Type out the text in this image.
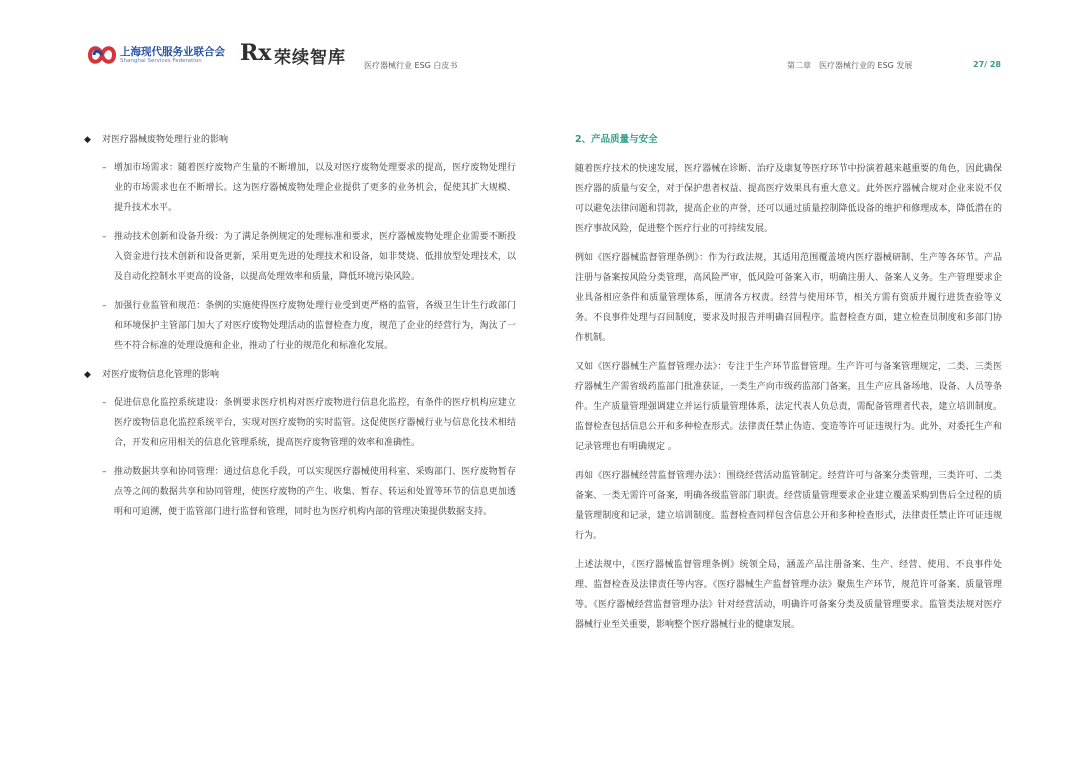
上海现代服务业联合会
Shanghai Services Federation Rx 荣续智库 医疗器械行业 ESG 白皮书	第二章　医疗器械行业的 ESG 发展	27/ 28
◆ 对医疗器械废物处理行业的影响
– 增加市场需求：随着医疗废物产生量的不断增加，以及对医疗废物处理要求的提高，医疗废物处理行业的市场需求也在不断增长。这为医疗器械废物处理企业提供了更多的业务机会，促使其扩大规模、提升技术水平。
– 推动技术创新和设备升级：为了满足条例规定的处理标准和要求，医疗器械废物处理企业需要不断投入资金进行技术创新和设备更新，采用更先进的处理技术和设备，如非焚烧、低排放型处理技术，以及自动化控制水平更高的设备，以提高处理效率和质量，降低环境污染风险。
– 加强行业监管和规范：条例的实施使得医疗废物处理行业受到更严格的监管，各级卫生计生行政部门和环境保护主管部门加大了对医疗废物处理活动的监督检查力度，规范了企业的经营行为，淘汰了一些不符合标准的处理设施和企业，推动了行业的规范化和标准化发展。
◆ 对医疗废物信息化管理的影响
– 促进信息化监控系统建设：条例要求医疗机构对医疗废物进行信息化监控，有条件的医疗机构应建立医疗废物信息化监控系统平台，实现对医疗废物的实时监管。这促使医疗器械行业与信息化技术相结合，开发和应用相关的信息化管理系统，提高医疗废物管理的效率和准确性。
– 推动数据共享和协同管理：通过信息化手段，可以实现医疗器械使用科室、采购部门、医疗废物暂存点等之间的数据共享和协同管理，使医疗废物的产生、收集、暂存、转运和处置等环节的信息更加透明和可追溯，便于监管部门进行监督和管理，同时也为医疗机构内部的管理决策提供数据支持。
2、产品质量与安全

随着医疗技术的快速发展，医疗器械在诊断、治疗及康复等医疗环节中扮演着越来越重要的角色，因此确保医疗器的质量与安全，对于保护患者权益、提高医疗效果具有重大意义。此外医疗器械合规对企业来说不仅可以避免法律问题和罚款，提高企业的声誉，还可以通过质量控制降低设备的维护和修理成本，降低潜在的医疗事故风险，促进整个医疗行业的可持续发展。

例如《医疗器械监督管理条例》：作为行政法规，其适用范围覆盖境内医疗器械研制、生产等各环节。产品注册与备案按风险分类管理，高风险严审，低风险可备案入市，明确注册人、备案人义务。生产管理要求企业具备相应条件和质量管理体系，厘清各方权责。经营与使用环节，相关方需有资质并履行进货查验等义务。不良事件处理与召回制度，要求及时报告并明确召回程序。监督检查方面，建立检查员制度和多部门协作机制。

又如《医疗器械生产监督管理办法》：专注于生产环节监督管理。生产许可与备案管理规定，二类、三类医疗器械生产需省级药监部门批准获证，一类生产向市级药监部门备案，且生产应具备场地、设备、人员等条件。生产质量管理强调建立并运行质量管理体系，法定代表人负总责，需配备管理者代表，建立培训制度。监督检查包括信息公开和多种检查形式。法律责任禁止伪造、变造等许可证违规行为。此外，对委托生产和记录管理也有明确规定 。

再如《医疗器械经营监督管理办法》：围绕经营活动监管制定。经营许可与备案分类管理，三类许可、二类备案、一类无需许可备案，明确各级监管部门职责。经营质量管理要求企业建立覆盖采购到售后全过程的质量管理制度和记录，建立培训制度。监督检查同样包含信息公开和多种检查形式，法律责任禁止许可证违规行为。

上述法规中，《医疗器械监督管理条例》统领全局，涵盖产品注册备案、生产、经营、使用、不良事件处理、监督检查及法律责任等内容。《医疗器械生产监督管理办法》聚焦生产环节，规范许可备案、质量管理等。《医疗器械经营监督管理办法》针对经营活动，明确许可备案分类及质量管理要求。监管类法规对医疗器械行业至关重要，影响整个医疗器械行业的健康发展。
